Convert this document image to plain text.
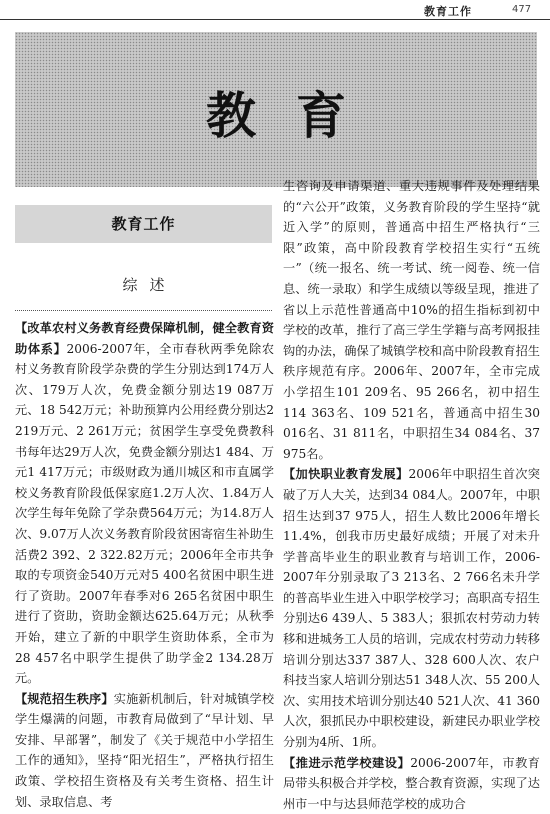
教育工作	477
教育
教育工作
综述

【改革农村义务教育经费保障机制，健全教育资助体系】2006-2007年，全市春秋两季免除农村义务教育阶段学杂费的学生分别达到174万人次、179万人次，免费金额分别达19 087万元、18 542万元；补助预算内公用经费分别达2 219万元、2 261万元；贫困学生享受免费教科书每年达29万人次，免费金额分别达1 484、万元1 417万元；市级财政为通川城区和市直属学校义务教育阶段低保家庭1.2万人次、1.84万人次学生每年免除了学杂费564万元；为14.8万人次、9.07万人次义务教育阶段贫困寄宿生补助生活费2 392、2 322.82万元；2006年全市共争取的专项资金540万元对5 400名贫困中职生进行了资助。2007年春季对6 265名贫困中职生进行了资助，资助金额达625.64万元；从秋季开始，建立了新的中职学生资助体系，全市为28 457名中职学生提供了助学金2 134.28万元。

【规范招生秩序】实施新机制后，针对城镇学校学生爆满的问题，市教育局做到了“早计划、早安排、早部署”，制发了《关于规范中小学招生工作的通知》，坚持“阳光招生”，严格执行招生政策、学校招生资格及有关考生资格、招生计划、录取信息、考

生咨询及申请渠道、重大违规事件及处理结果的“六公开”政策，义务教育阶段的学生坚持“就近入学”的原则，普通高中招生严格执行“三限”政策，高中阶段教育学校招生实行“五统一”（统一报名、统一考试、统一阅卷、统一信息、统一录取）和学生成绩以等级呈现，推进了省以上示范性普通高中10%的招生指标到初中学校的改革，推行了高三学生学籍与高考网报挂钩的办法，确保了城镇学校和高中阶段教育招生秩序规范有序。2006年、2007年，全市完成小学招生101 209名、95 266名，初中招生114 363名、109 521名，普通高中招生30 016名、31 811名，中职招生34 084名、37 975名。

【加快职业教育发展】2006年中职招生首次突破了万人大关，达到34 084人。2007年，中职招生达到37 975人，招生人数比2006年增长11.4%，创我市历史最好成绩；开展了对未升学普高毕业生的职业教育与培训工作，2006-2007年分别录取了3 213名、2 766名未升学的普高毕业生进入中职学校学习；高职高专招生分别达6 439人、5 383人；狠抓农村劳动力转移和进城务工人员的培训，完成农村劳动力转移培训分别达337 387人、328 600人次、农户科技当家人培训分别达51 348人次、55 200人次、实用技术培训分别达40 521人次、41 360人次，狠抓民办中职校建设，新建民办职业学校分别为4所、1所。

【推进示范学校建设】2006-2007年，市教育局带头积极合并学校，整合教育资源，实现了达州市一中与达县师范学校的成功合
